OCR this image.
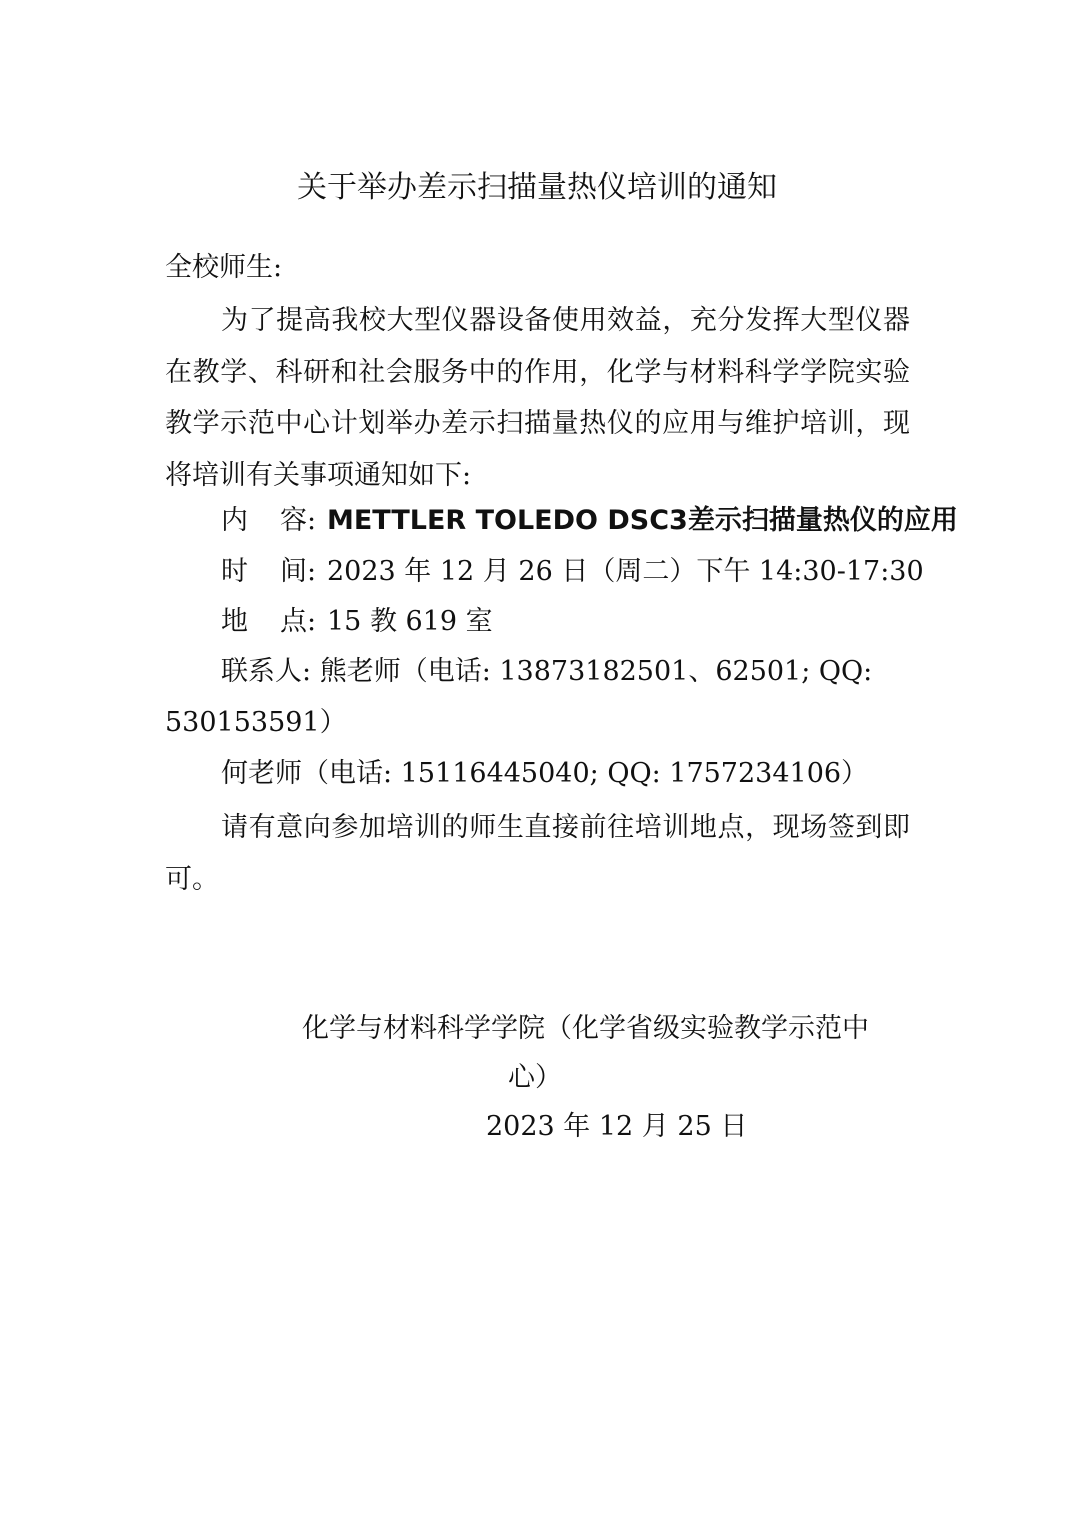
关于举办差示扫描量热仪培训的通知
全校师生:
为了提高我校大型仪器设备使用效益，充分发挥大型仪器在教学、科研和社会服务中的作用，化学与材料科学学院实验教学示范中心计划举办差示扫描量热仪的应用与维护培训，现将培训有关事项通知如下:
内 容: METTLER TOLEDO DSC3差示扫描量热仪的应用
时 间: 2023 年 12 月 26 日（周二）下午 14:30-17:30
地 点: 15 教 619 室
联系人: 熊老师（电话: 13873182501、62501; QQ:
530153591）
何老师（电话: 15116445040; QQ: 1757234106）
请有意向参加培训的师生直接前往培训地点，现场签到即可。
化学与材料科学学院（化学省级实验教学示范中
心）
2023 年 12 月 25 日
